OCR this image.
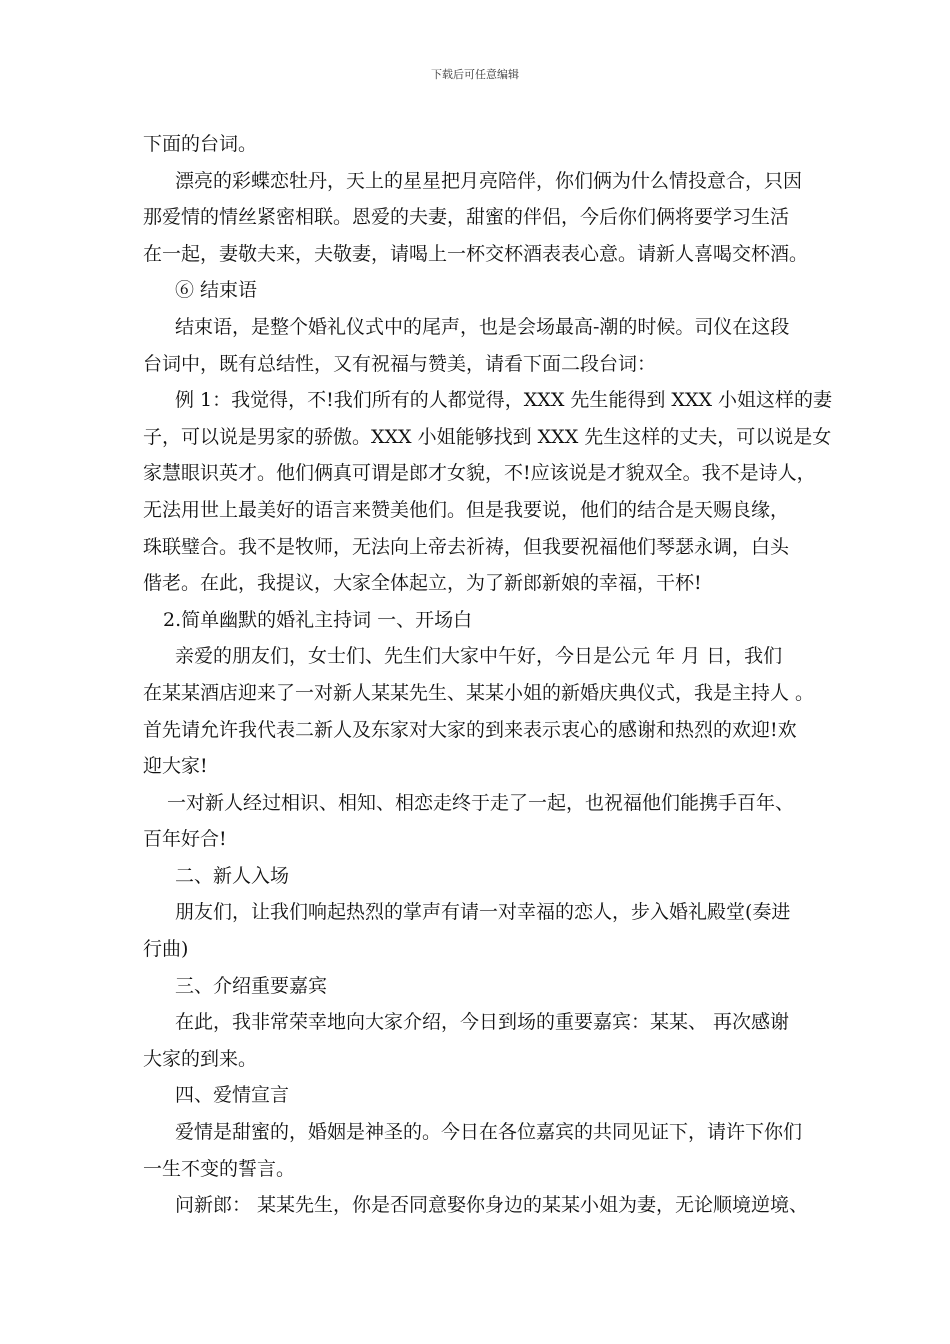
下载后可任意编辑
下面的台词。
漂亮的彩蝶恋牡丹，天上的星星把月亮陪伴，你们俩为什么情投意合，只因
那爱情的情丝紧密相联。恩爱的夫妻，甜蜜的伴侣，今后你们俩将要学习生活
在一起，妻敬夫来，夫敬妻，请喝上一杯交杯酒表表心意。请新人喜喝交杯酒。
⑥ 结束语
结束语，是整个婚礼仪式中的尾声，也是会场最高-潮的时候。司仪在这段
台词中，既有总结性，又有祝福与赞美，请看下面二段台词：
例 1：我觉得，不!我们所有的人都觉得，XXX 先生能得到 XXX 小姐这样的妻
子，可以说是男家的骄傲。XXX 小姐能够找到 XXX 先生这样的丈夫，可以说是女
家慧眼识英才。他们俩真可谓是郎才女貌，不!应该说是才貌双全。我不是诗人，
无法用世上最美好的语言来赞美他们。但是我要说，他们的结合是天赐良缘，
珠联璧合。我不是牧师，无法向上帝去祈祷，但我要祝福他们琴瑟永调，白头
偕老。在此，我提议，大家全体起立，为了新郎新娘的幸福，干杯!
2.简单幽默的婚礼主持词 一、开场白
亲爱的朋友们，女士们、先生们大家中午好，今日是公元 年 月 日，我们
在某某酒店迎来了一对新人某某先生、某某小姐的新婚庆典仪式，我是主持人 。
首先请允许我代表二新人及东家对大家的到来表示衷心的感谢和热烈的欢迎!欢
迎大家!
一对新人经过相识、相知、相恋走终于走了一起，也祝福他们能携手百年、
百年好合!
二、新人入场
朋友们，让我们响起热烈的掌声有请一对幸福的恋人，步入婚礼殿堂(奏进
行曲)
三、介绍重要嘉宾
在此，我非常荣幸地向大家介绍，今日到场的重要嘉宾：某某、 再次感谢
大家的到来。
四、爱情宣言
爱情是甜蜜的，婚姻是神圣的。今日在各位嘉宾的共同见证下，请许下你们
一生不变的誓言。
问新郎： 某某先生，你是否同意娶你身边的某某小姐为妻，无论顺境逆境、
